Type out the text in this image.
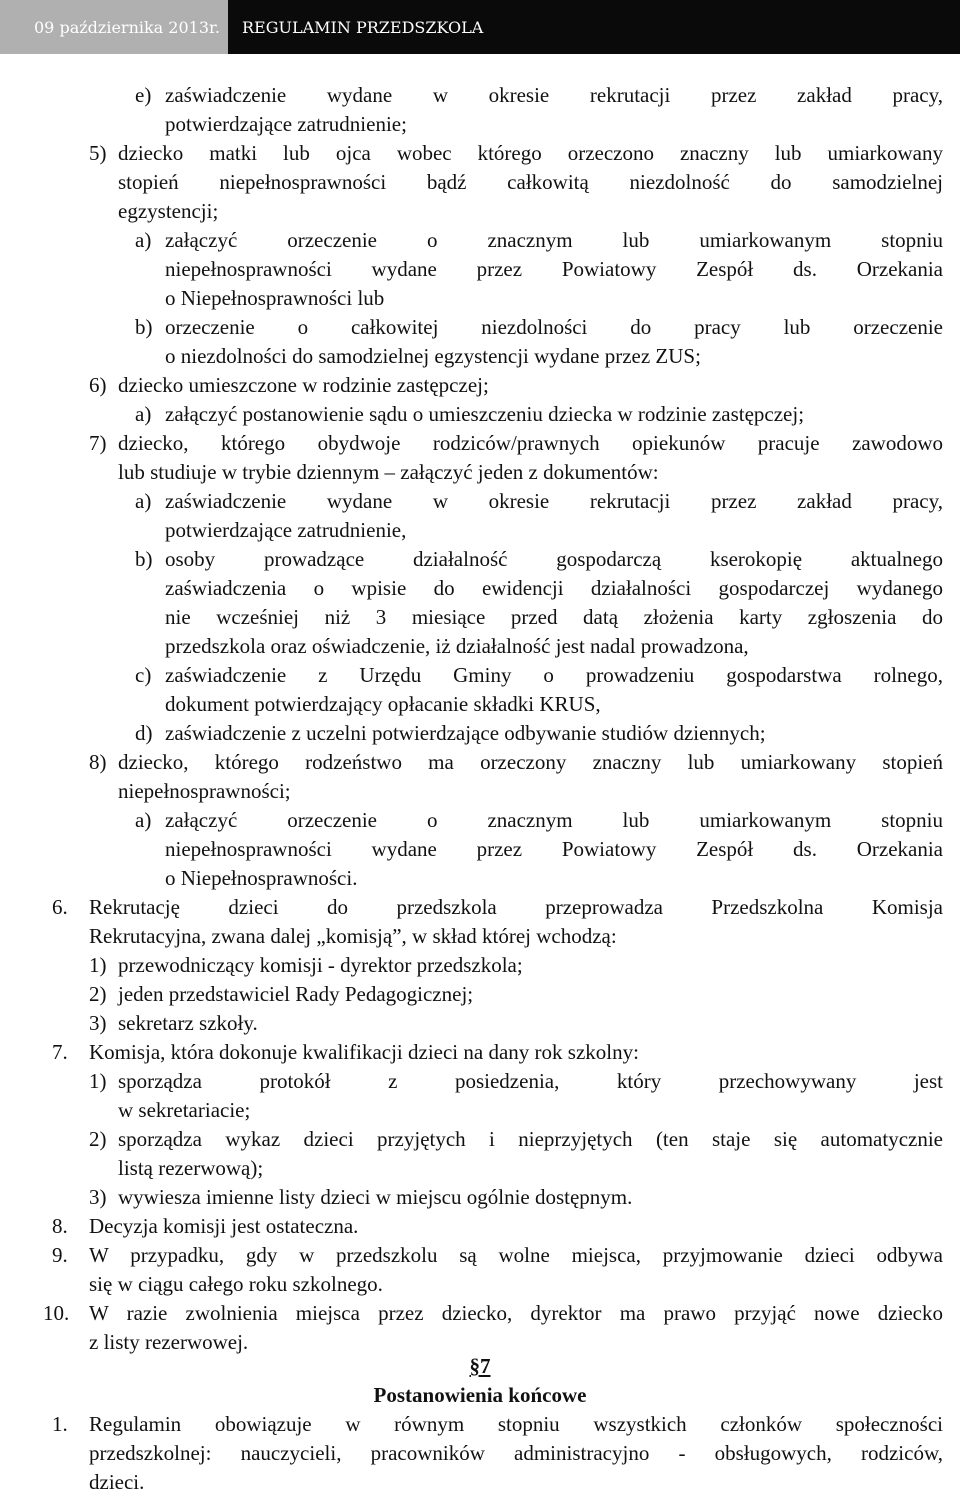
09 października 2013r.	REGULAMIN PRZEDSZKOLA
e) zaświadczenie wydane w okresie rekrutacji przez zakład pracy,
potwierdzające zatrudnienie;
5) dziecko matki lub ojca wobec którego orzeczono znaczny lub umiarkowany
stopień niepełnosprawności bądź całkowitą niezdolność do samodzielnej
egzystencji;
a) załączyć orzeczenie o znacznym lub umiarkowanym stopniu
niepełnosprawności wydane przez Powiatowy Zespół ds. Orzekania
o Niepełnosprawności lub
b) orzeczenie o całkowitej niezdolności do pracy lub orzeczenie
o niezdolności do samodzielnej egzystencji wydane przez ZUS;
6) dziecko umieszczone w rodzinie zastępczej;
a) załączyć postanowienie sądu o umieszczeniu dziecka w rodzinie zastępczej;
7) dziecko, którego obydwoje rodziców/prawnych opiekunów pracuje zawodowo
lub studiuje w trybie dziennym – załączyć jeden z dokumentów:
a) zaświadczenie wydane w okresie rekrutacji przez zakład pracy,
potwierdzające zatrudnienie,
b) osoby prowadzące działalność gospodarczą kserokopię aktualnego
zaświadczenia o wpisie do ewidencji działalności gospodarczej wydanego
nie wcześniej niż 3 miesiące przed datą złożenia karty zgłoszenia do
przedszkola oraz oświadczenie, iż działalność jest nadal prowadzona,
c) zaświadczenie z Urzędu Gminy o prowadzeniu gospodarstwa rolnego,
dokument potwierdzający opłacanie składki KRUS,
d) zaświadczenie z uczelni potwierdzające odbywanie studiów dziennych;
8) dziecko, którego rodzeństwo ma orzeczony znaczny lub umiarkowany stopień
niepełnosprawności;
a) załączyć orzeczenie o znacznym lub umiarkowanym stopniu
niepełnosprawności wydane przez Powiatowy Zespół ds. Orzekania
o Niepełnosprawności.
6. Rekrutację dzieci do przedszkola przeprowadza Przedszkolna Komisja
Rekrutacyjna, zwana dalej „komisją”, w skład której wchodzą:
1) przewodniczący komisji - dyrektor przedszkola;
2) jeden przedstawiciel Rady Pedagogicznej;
3) sekretarz szkoły.
7. Komisja, która dokonuje kwalifikacji dzieci na dany rok szkolny:
1) sporządza protokół z posiedzenia, który przechowywany jest
w sekretariacie;
2) sporządza wykaz dzieci przyjętych i nieprzyjętych (ten staje się automatycznie
listą rezerwową);
3) wywiesza imienne listy dzieci w miejscu ogólnie dostępnym.
8. Decyzja komisji jest ostateczna.
9. W przypadku, gdy w przedszkolu są wolne miejsca, przyjmowanie dzieci odbywa
się w ciągu całego roku szkolnego.
10. W razie zwolnienia miejsca przez dziecko, dyrektor ma prawo przyjąć nowe dziecko
z listy rezerwowej.
§7
Postanowienia końcowe
1. Regulamin obowiązuje w równym stopniu wszystkich członków społeczności
przedszkolnej: nauczycieli, pracowników administracyjno - obsługowych, rodziców,
dzieci.
